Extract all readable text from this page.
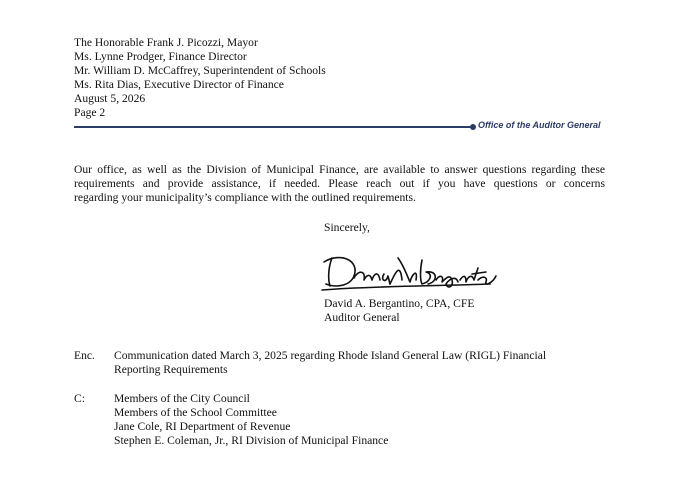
The Honorable Frank J. Picozzi, Mayor
Ms. Lynne Prodger, Finance Director
Mr. William D. McCaffrey, Superintendent of Schools
Ms. Rita Dias, Executive Director of Finance
August 5, 2026
Page 2
Office of the Auditor General
Our office, as well as the Division of Municipal Finance, are available to answer questions regarding these
requirements and provide assistance, if needed. Please reach out if you have questions or concerns
regarding your municipality’s compliance with the outlined requirements.
Sincerely,
David A. Bergantino, CPA, CFE
Auditor General
Enc. Communication dated March 3, 2025 regarding Rhode Island General Law (RIGL) Financial
Reporting Requirements
C:	Members of the City Council
Members of the School Committee
Jane Cole, RI Department of Revenue
Stephen E. Coleman, Jr., RI Division of Municipal Finance
